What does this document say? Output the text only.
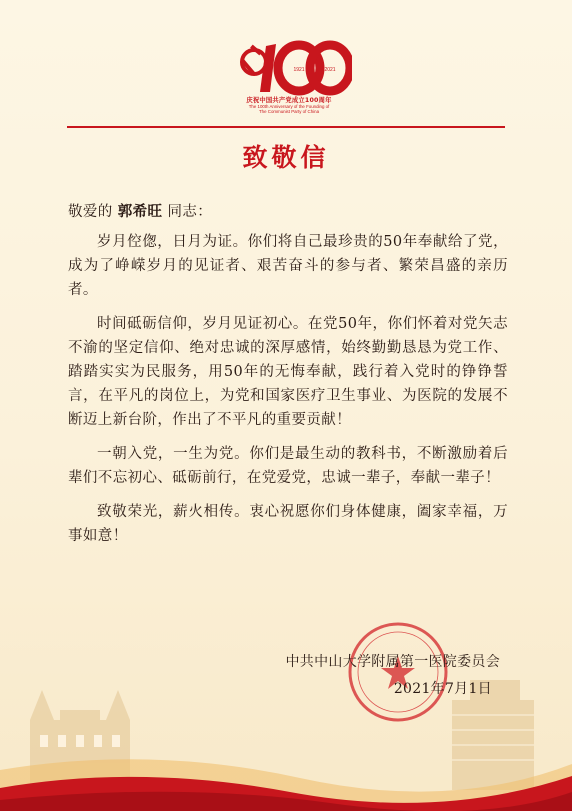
1921	2021
庆祝中国共产党成立100周年
The 100th Anniversary of the Founding of
The Communist Party of China
致敬信
敬爱的 郭希旺 同志：

岁月倥偬，日月为证。你们将自己最珍贵的50年奉献给了党，成为了峥嵘岁月的见证者、艰苦奋斗的参与者、繁荣昌盛的亲历者。

时间砥砺信仰，岁月见证初心。在党50年，你们怀着对党矢志不渝的坚定信仰、绝对忠诚的深厚感情，始终勤勤恳恳为党工作、踏踏实实为民服务，用50年的无悔奉献，践行着入党时的铮铮誓言，在平凡的岗位上，为党和国家医疗卫生事业、为医院的发展不断迈上新台阶，作出了不平凡的重要贡献！

一朝入党，一生为党。你们是最生动的教科书，不断激励着后辈们不忘初心、砥砺前行，在党爱党，忠诚一辈子，奉献一辈子！

致敬荣光，薪火相传。衷心祝愿你们身体健康，阖家幸福，万事如意！

中共中山大学附属第一医院委员会
2021年7月1日
